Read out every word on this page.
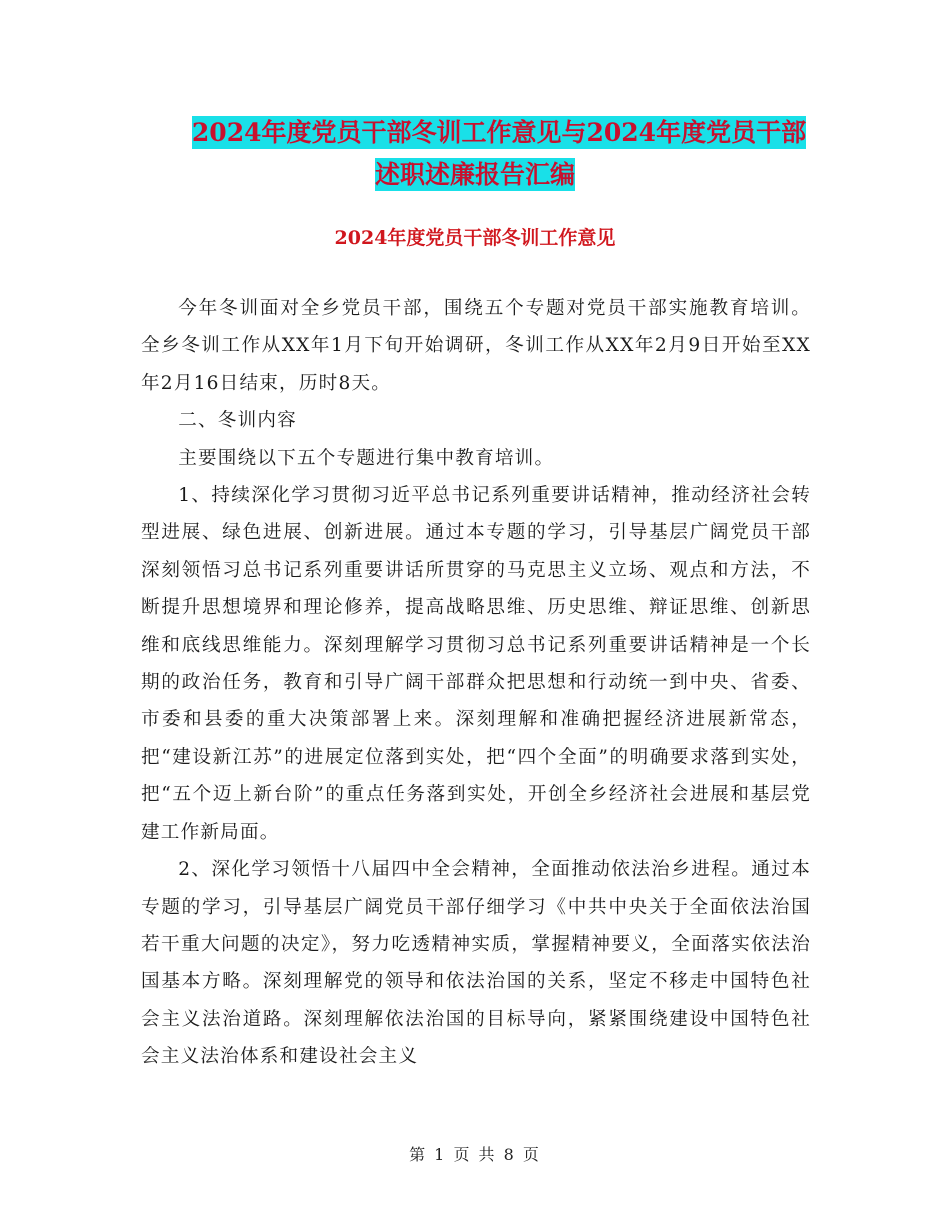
2024年度党员干部冬训工作意见与2024年度党员干部
述职述廉报告汇编
2024年度党员干部冬训工作意见

今年冬训面对全乡党员干部，围绕五个专题对党员干部实施教育培训。全乡冬训工作从XX年1月下旬开始调研，冬训工作从XX年2月9日开始至XX年2月16日结束，历时8天。

二、冬训内容

主要围绕以下五个专题进行集中教育培训。

1、持续深化学习贯彻习近平总书记系列重要讲话精神，推动经济社会转型进展、绿色进展、创新进展。通过本专题的学习，引导基层广阔党员干部深刻领悟习总书记系列重要讲话所贯穿的马克思主义立场、观点和方法，不断提升思想境界和理论修养，提高战略思维、历史思维、辩证思维、创新思维和底线思维能力。深刻理解学习贯彻习总书记系列重要讲话精神是一个长期的政治任务，教育和引导广阔干部群众把思想和行动统一到中央、省委、市委和县委的重大决策部署上来。深刻理解和准确把握经济进展新常态，把“建设新江苏”的进展定位落到实处，把“四个全面”的明确要求落到实处，把“五个迈上新台阶”的重点任务落到实处，开创全乡经济社会进展和基层党建工作新局面。

2、深化学习领悟十八届四中全会精神，全面推动依法治乡进程。通过本专题的学习，引导基层广阔党员干部仔细学习《中共中央关于全面依法治国若干重大问题的决定》，努力吃透精神实质，掌握精神要义，全面落实依法治国基本方略。深刻理解党的领导和依法治国的关系，坚定不移走中国特色社会主义法治道路。深刻理解依法治国的目标导向，紧紧围绕建设中国特色社会主义法治体系和建设社会主义

第 1 页 共 8 页
